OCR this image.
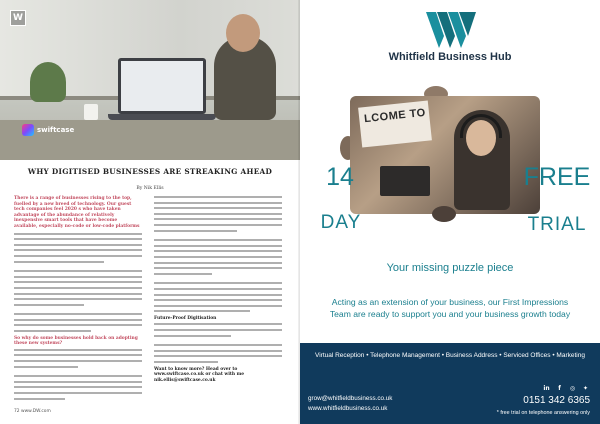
W
swiftcase
WHY DIGITISED BUSINESSES ARE STREAKING AHEAD
By Nik Ellis
There is a range of businesses rising to the top, fuelled by a new breed of technology. Our guest tech companies feel 2020 s who have taken advantage of the abundance of relatively inexpensive smart tools that have become available, especially no-code or low-code platforms
So why do some businesses hold back on adopting these new systems?
Future-Proof Digitisation
Want to know more? Head over to www.swiftcase.co.uk or chat with me nik.ellis@swiftcase.co.uk
72 www.DW.com
Whitfield Business Hub
LCOME TO
14
DAY
FREE
TRIAL
Your missing puzzle piece
Acting as an extension of your business, our First Impressions
Team are ready to support you and your business growth today
Virtual Reception • Telephone Management • Business Address • Serviced Offices • Marketing
grow@whitfieldbusiness.co.uk
www.whitfieldbusiness.co.uk
in	f	◎	✦
0151 342 6365
* free trial on telephone answering only
